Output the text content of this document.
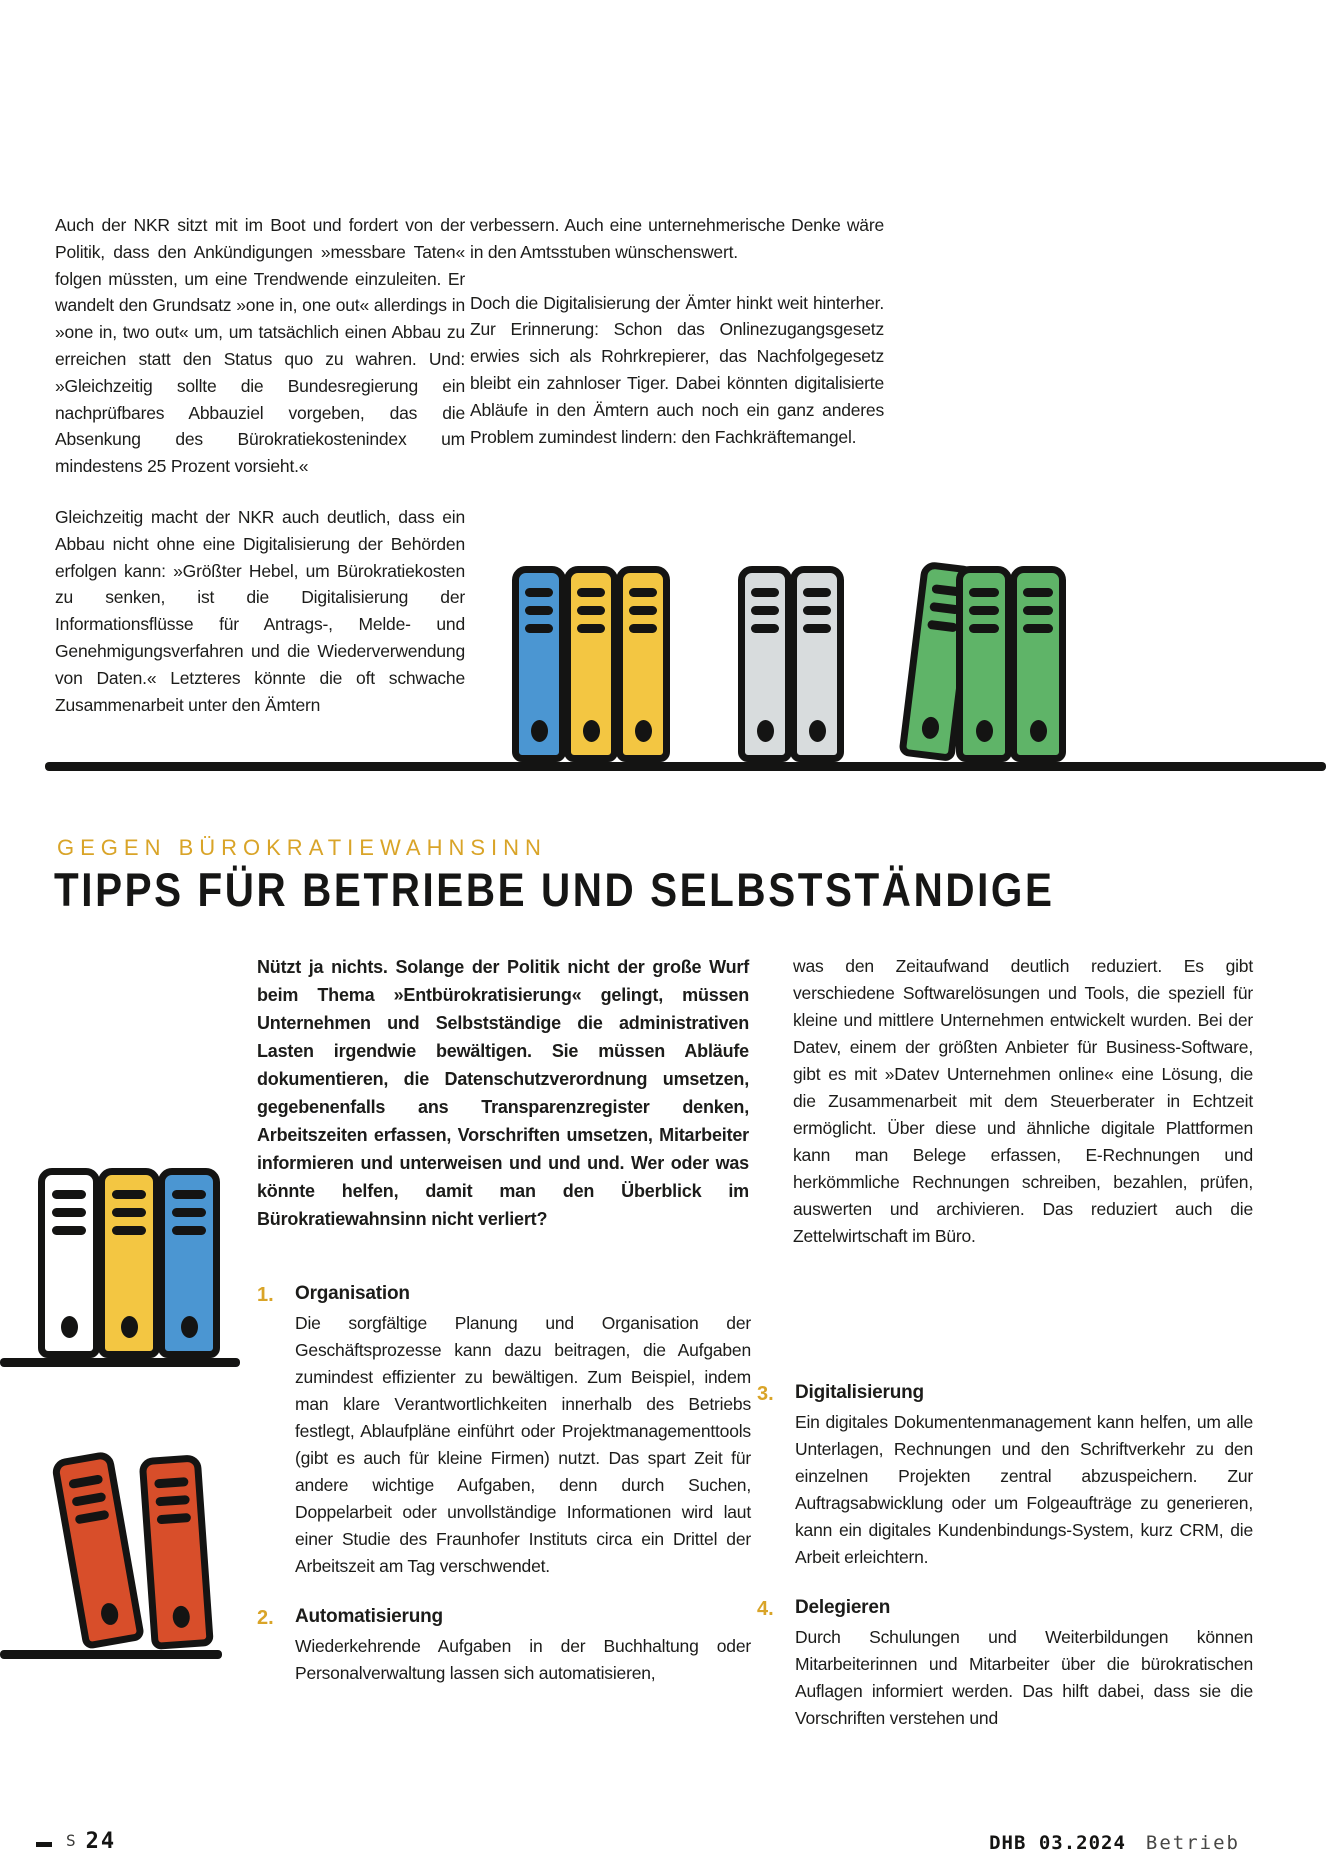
Auch der NKR sitzt mit im Boot und fordert von der Politik, dass den Ankündigungen »messbare Taten« folgen müssten, um eine Trendwende einzuleiten. Er wandelt den Grundsatz »one in, one out« allerdings in »one in, two out« um, um tatsächlich einen Abbau zu erreichen statt den Status quo zu wahren. Und: »Gleichzeitig sollte die Bundesregierung ein nachprüfbares Abbauziel vorgeben, das die Absenkung des Bürokratiekostenindex um mindestens 25 Prozent vorsieht.«

Gleichzeitig macht der NKR auch deutlich, dass ein Abbau nicht ohne eine Digitalisierung der Behörden erfolgen kann: »Größter Hebel, um Bürokratiekosten zu senken, ist die Digitalisierung der Informationsflüsse für Antrags-, Melde- und Genehmigungsverfahren und die Wiederverwendung von Daten.« Letzteres könnte die oft schwache Zusammenarbeit unter den Ämtern

verbessern. Auch eine unternehmerische Denke wäre in den Amtsstuben wünschenswert.

Doch die Digitalisierung der Ämter hinkt weit hinterher. Zur Erinnerung: Schon das Onlinezugangsgesetz erwies sich als Rohrkrepierer, das Nachfolgegesetz bleibt ein zahnloser Tiger. Dabei könnten digitalisierte Abläufe in den Ämtern auch noch ein ganz anderes Problem zumindest lindern: den Fachkräftemangel.

GEGEN BÜROKRATIEWAHNSINN
TIPPS FÜR BETRIEBE UND SELBSTSTÄNDIGE
Nützt ja nichts. Solange der Politik nicht der große Wurf beim Thema »Entbürokratisierung« gelingt, müssen Unternehmen und Selbstständige die administrativen Lasten irgendwie bewältigen. Sie müssen Abläufe dokumentieren, die Datenschutzverordnung umsetzen, gegebenenfalls ans Transparenzregister denken, Arbeitszeiten erfassen, Vorschriften umsetzen, Mitarbeiter informieren und unterweisen und und und. Wer oder was könnte helfen, damit man den Überblick im Bürokratiewahnsinn nicht verliert?
1.	Organisation

Die sorgfältige Planung und Organisation der Geschäftsprozesse kann dazu beitragen, die Aufgaben zumindest effizienter zu bewältigen. Zum Beispiel, indem man klare Verantwortlichkeiten innerhalb des Betriebs festlegt, Ablaufpläne einführt oder Projektmanagementtools (gibt es auch für kleine Firmen) nutzt. Das spart Zeit für andere wichtige Aufgaben, denn durch Suchen, Doppelarbeit oder unvollständige Informationen wird laut einer Studie des Fraunhofer Instituts circa ein Drittel der Arbeitszeit am Tag verschwendet.

2.	Automatisierung

Wiederkehrende Aufgaben in der Buchhaltung oder Personalverwaltung lassen sich automatisieren,

was den Zeitaufwand deutlich reduziert. Es gibt verschiedene Softwarelösungen und Tools, die speziell für kleine und mittlere Unternehmen entwickelt wurden. Bei der Datev, einem der größten Anbieter für Business-Software, gibt es mit »Datev Unternehmen online« eine Lösung, die die Zusammenarbeit mit dem Steuerberater in Echtzeit ermöglicht. Über diese und ähnliche digitale Plattformen kann man Belege erfassen, E-Rechnungen und herkömmliche Rechnungen schreiben, bezahlen, prüfen, auswerten und archivieren. Das reduziert auch die Zettelwirtschaft im Büro.

3.	Digitalisierung

Ein digitales Dokumentenmanagement kann helfen, um alle Unterlagen, Rechnungen und den Schriftverkehr zu den einzelnen Projekten zentral abzuspeichern. Zur Auftragsabwicklung oder um Folgeaufträge zu generieren, kann ein digitales Kundenbindungs-System, kurz CRM, die Arbeit erleichtern.

4.	Delegieren

Durch Schulungen und Weiterbildungen können Mitarbeiterinnen und Mitarbeiter über die bürokratischen Auflagen informiert werden. Das hilft dabei, dass sie die Vorschriften verstehen und

S 24	DHB 03.2024 Betrieb
